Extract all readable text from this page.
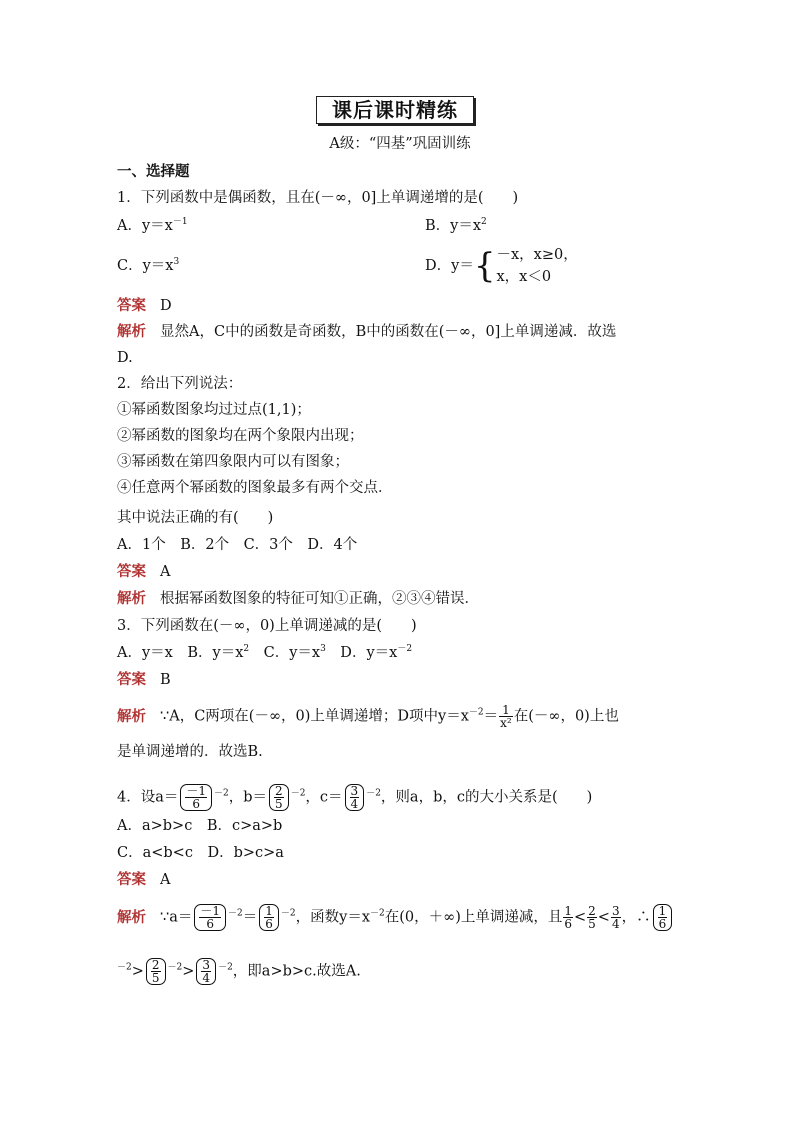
课后课时精练
A级：“四基”巩固训练
一、选择题
1．下列函数中是偶函数，且在(－∞，0]上单调递增的是(　　)
A．$y=x^{-1}$	B．$y=x^2$
C．$y=x^3$	D．y＝{ －x，x≥0，
x，x＜0
答案 D
解析 显然A，C中的函数是奇函数，B中的函数在(－∞，0]上单调递减．故选
D.
2．给出下列说法：
①幂函数图象均过过点(1,1)；
②幂函数的图象均在两个象限内出现；
③幂函数在第四象限内可以有图象；
④任意两个幂函数的图象最多有两个交点．
其中说法正确的有(　　)
A．1个　B．2个　C．3个　D．4个
答案 A
解析 根据幂函数图象的特征可知①正确，②③④错误．
3．下列函数在(－∞，0)上单调递减的是(　　)
A．y＝x　B．$y=x^2$　C．$y=x^3$　D．$y=x^{-2}$
答案 B
解析 ∵A，C两项在(－∞，0)上单调递增；D项中$y=x^{-2}= \frac{1}{\text{x²}}$ 在(－∞，0)上也
是单调递增的．故选B.
4．设$a= \frac{-1}{6} ^{-2}$，$b= \frac{2}{5} ^{-2}$，$c= \frac{3}{4} ^{-2}$，则a，b，c的大小关系是(　　)
A．a>b>c　B．c>a>b
C．a<b<c　D．b>c>a
答案 A
解析 ∵a＝ $\frac{-1}{6} ^{-2}= \frac{1}{6} ^{-2}$，函数$y=x^{-2}$在(0，＋∞)上单调递减，且 $\frac{1}{6} < \frac{2}{5} < \frac{3}{4}$ ，∴ $\frac{1}{6}$
$^{-2}> \frac{2}{5} ^{-2}> \frac{3}{4} ^{-2}$，即a>b>c.故选A.
